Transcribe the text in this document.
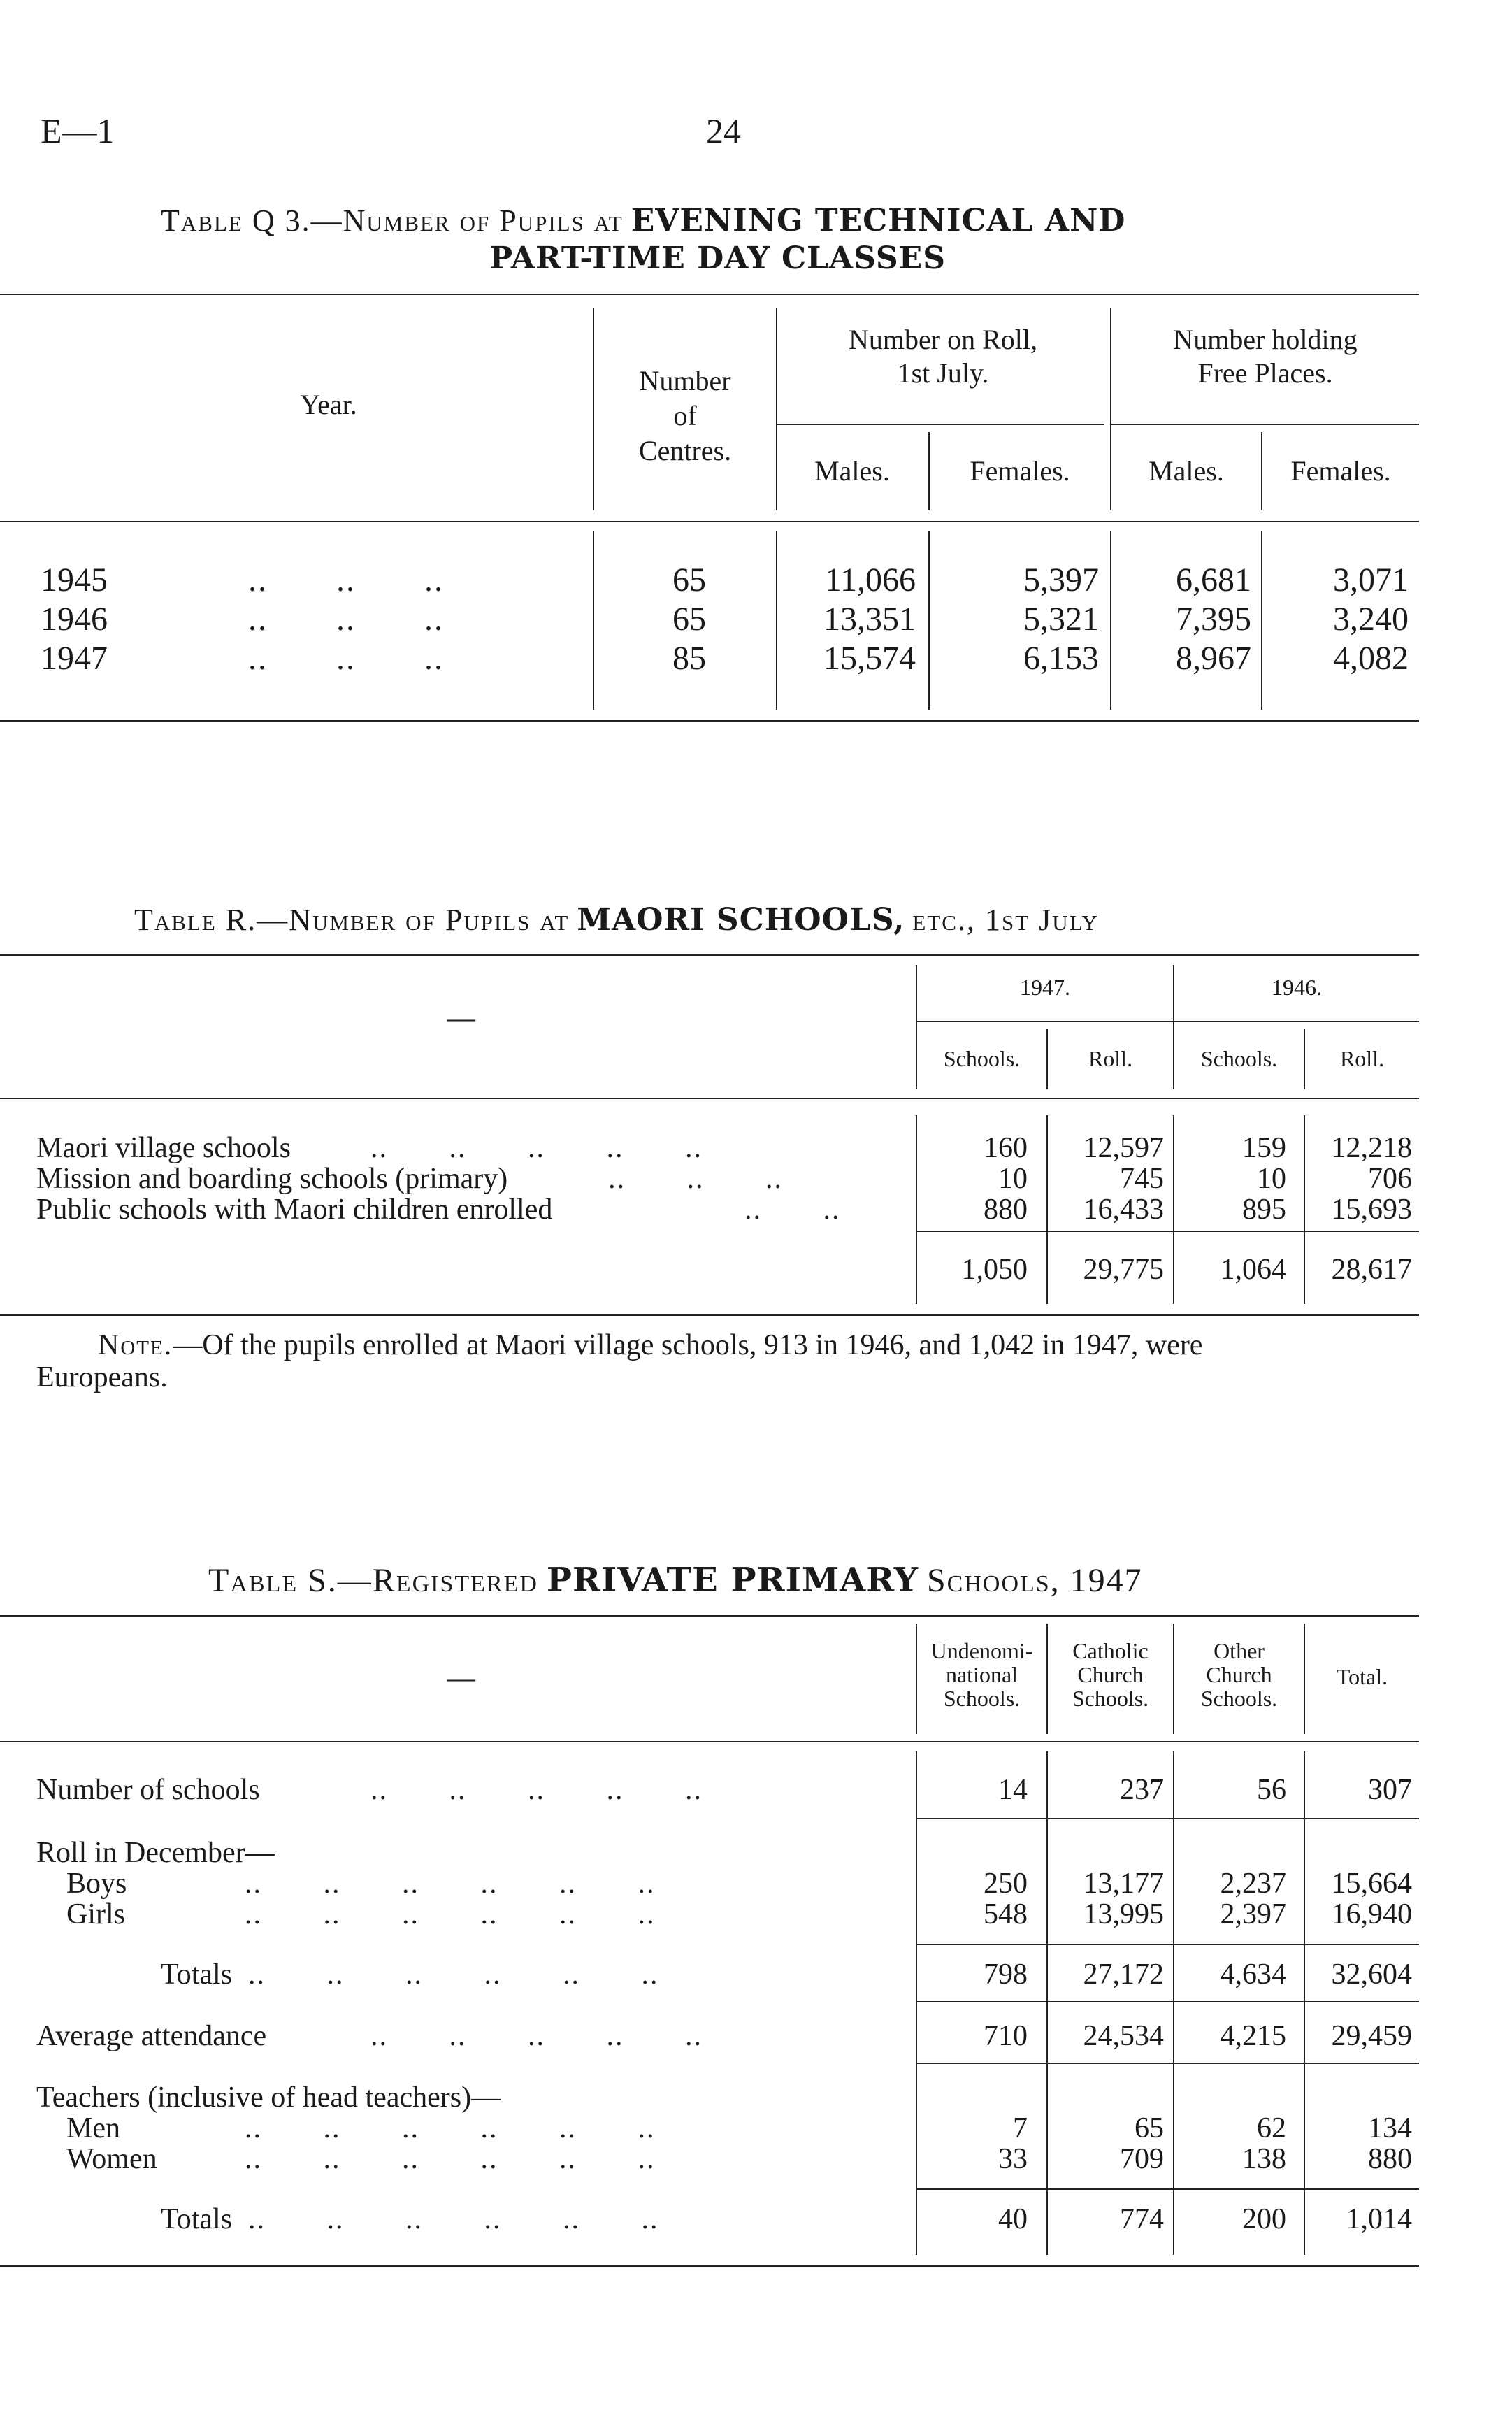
E—1	24
Table Q 3.—Number of Pupils at EVENING TECHNICAL AND
PART-TIME DAY CLASSES
Year.
Number
of
Centres.
Number on Roll,
1st July.
Number holding
Free Places.
Males.	Females.	Males.	Females.
1945	..       ..       ..	65	11,066	5,397	6,681	3,071
1946	..       ..       ..	65	13,351	5,321	7,395	3,240
1947	..       ..       ..	85	15,574	6,153	8,967	4,082
Table R.—Number of Pupils at MAORI SCHOOLS, etc., 1st July
—
1947.	1946.
Schools.	Roll.	Schools.	Roll.
Maori village schools	..       ..       ..       ..       ..	160	12,597	159	12,218
Mission and boarding schools (primary)	..       ..       ..	10	745	10	706
Public schools with Maori children enrolled	..       ..	880	16,433	895	15,693
1,050	29,775	1,064	28,617
Note.—Of the pupils enrolled at Maori village schools, 913 in 1946, and 1,042 in 1947, were
Europeans.
Table S.—Registered PRIVATE PRIMARY Schools, 1947
—
Undenomi-
national
Schools.
Catholic
Church
Schools.
Other
Church
Schools.
Total.
Number of schools	..       ..       ..       ..       ..	14	237	56	307
Roll in December—
Boys	..       ..       ..       ..       ..       ..	250	13,177	2,237	15,664
Girls	..       ..       ..       ..       ..       ..	548	13,995	2,397	16,940
Totals ..       ..       ..       ..       ..       ..	798	27,172	4,634	32,604
Average attendance	..       ..       ..       ..       ..	710	24,534	4,215	29,459
Teachers (inclusive of head teachers)—
Men	..       ..       ..       ..       ..       ..	7	65	62	134
Women	..       ..       ..       ..       ..       ..	33	709	138	880
Totals ..       ..       ..       ..       ..       ..	40	774	200	1,014
